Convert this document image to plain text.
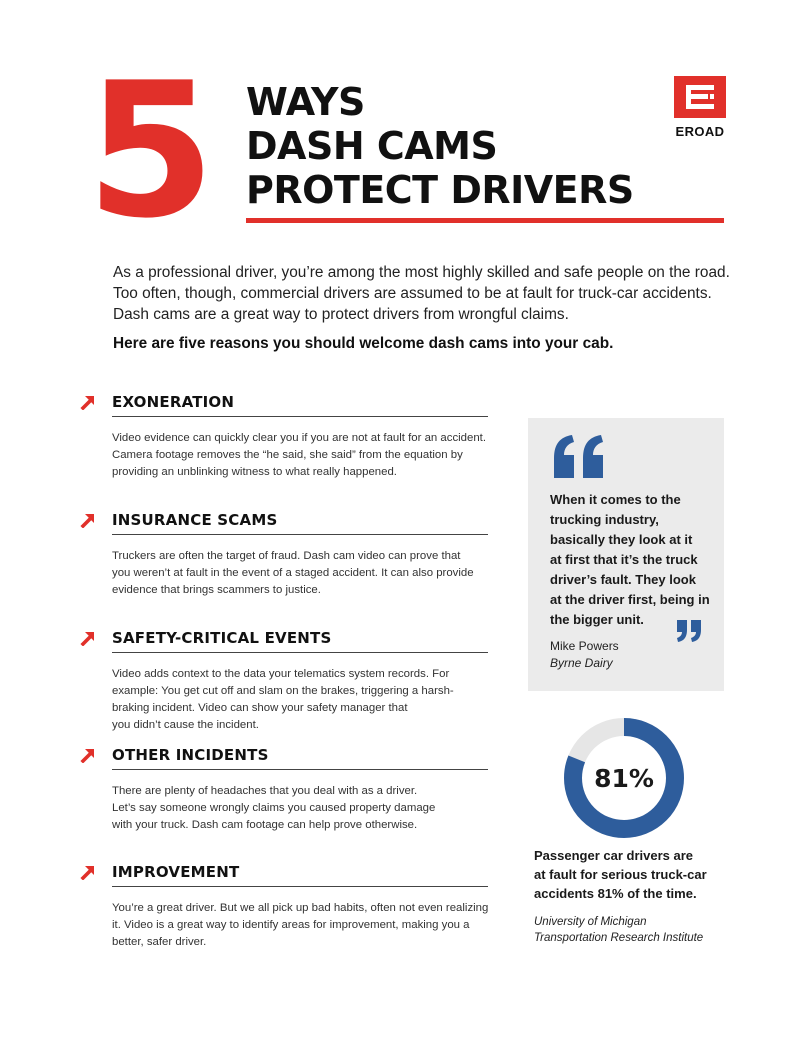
5 WAYS
DASH CAMS
PROTECT DRIVERS
EROAD
As a professional driver, you’re among the most highly skilled and safe people on the road.
Too often, though, commercial drivers are assumed to be at fault for truck-car accidents.
Dash cams are a great way to protect drivers from wrongful claims.
Here are five reasons you should welcome dash cams into your cab.
EXONERATION
Video evidence can quickly clear you if you are not at fault for an accident.
Camera footage removes the “he said, she said” from the equation by
providing an unblinking witness to what really happened.
INSURANCE SCAMS
Truckers are often the target of fraud. Dash cam video can prove that
you weren’t at fault in the event of a staged accident. It can also provide
evidence that brings scammers to justice.
SAFETY-CRITICAL EVENTS
Video adds context to the data your telematics system records. For
example: You get cut off and slam on the brakes, triggering a harsh-
braking incident. Video can show your safety manager that
you didn’t cause the incident.
OTHER INCIDENTS
There are plenty of headaches that you deal with as a driver.
Let’s say someone wrongly claims you caused property damage
with your truck. Dash cam footage can help prove otherwise.
IMPROVEMENT
You’re a great driver. But we all pick up bad habits, often not even realizing
it. Video is a great way to identify areas for improvement, making you a
better, safer driver.
When it comes to the
trucking industry,
basically they look at it
at first that it’s the truck
driver’s fault. They look
at the driver first, being in
the bigger unit.
Mike Powers
Byrne Dairy
81%
Passenger car drivers are
at fault for serious truck-car
accidents 81% of the time.
University of Michigan
Transportation Research Institute
